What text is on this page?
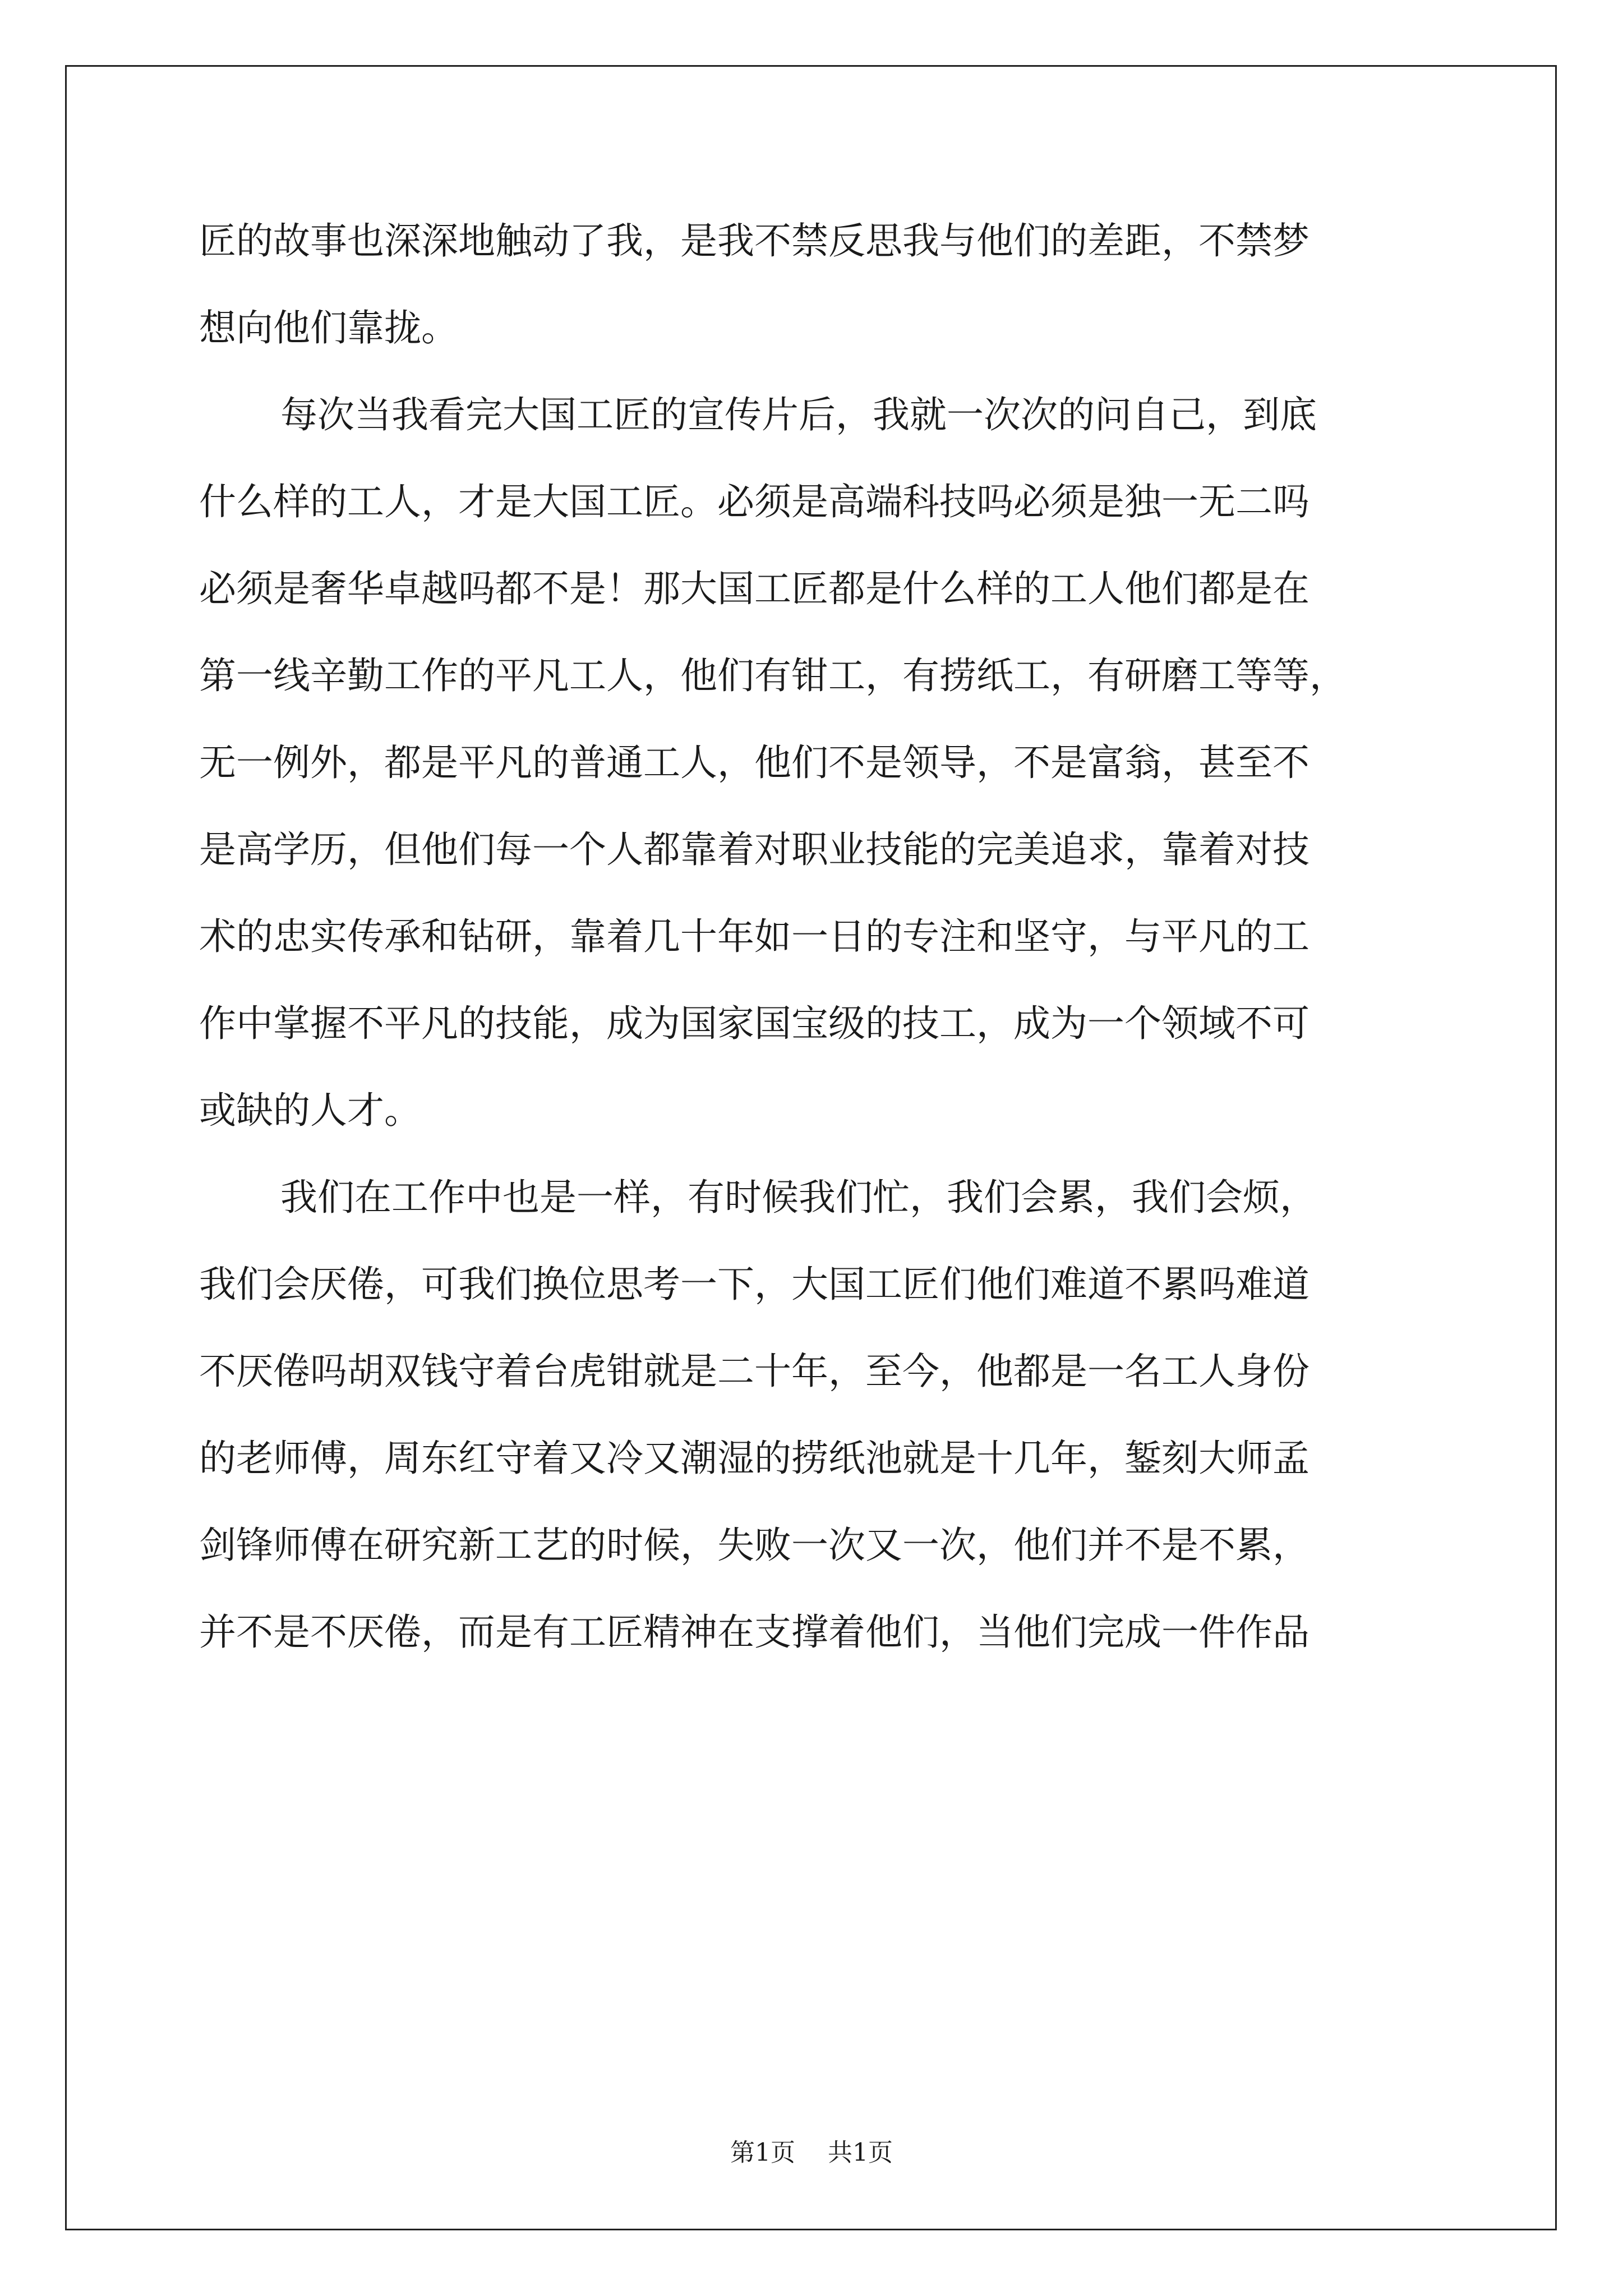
匠的故事也深深地触动了我，是我不禁反思我与他们的差距，不禁梦
想向他们靠拢。
每次当我看完大国工匠的宣传片后，我就一次次的问自己，到底
什么样的工人，才是大国工匠。必须是高端科技吗必须是独一无二吗
必须是奢华卓越吗都不是！那大国工匠都是什么样的工人他们都是在
第一线辛勤工作的平凡工人，他们有钳工，有捞纸工，有研磨工等等，
无一例外，都是平凡的普通工人，他们不是领导，不是富翁，甚至不
是高学历，但他们每一个人都靠着对职业技能的完美追求，靠着对技
术的忠实传承和钻研，靠着几十年如一日的专注和坚守，与平凡的工
作中掌握不平凡的技能，成为国家国宝级的技工，成为一个领域不可
或缺的人才。
我们在工作中也是一样，有时候我们忙，我们会累，我们会烦，
我们会厌倦，可我们换位思考一下，大国工匠们他们难道不累吗难道
不厌倦吗胡双钱守着台虎钳就是二十年，至今，他都是一名工人身份
的老师傅，周东红守着又冷又潮湿的捞纸池就是十几年，錾刻大师孟
剑锋师傅在研究新工艺的时候，失败一次又一次，他们并不是不累，
并不是不厌倦，而是有工匠精神在支撑着他们，当他们完成一件作品
第1页 共1页
